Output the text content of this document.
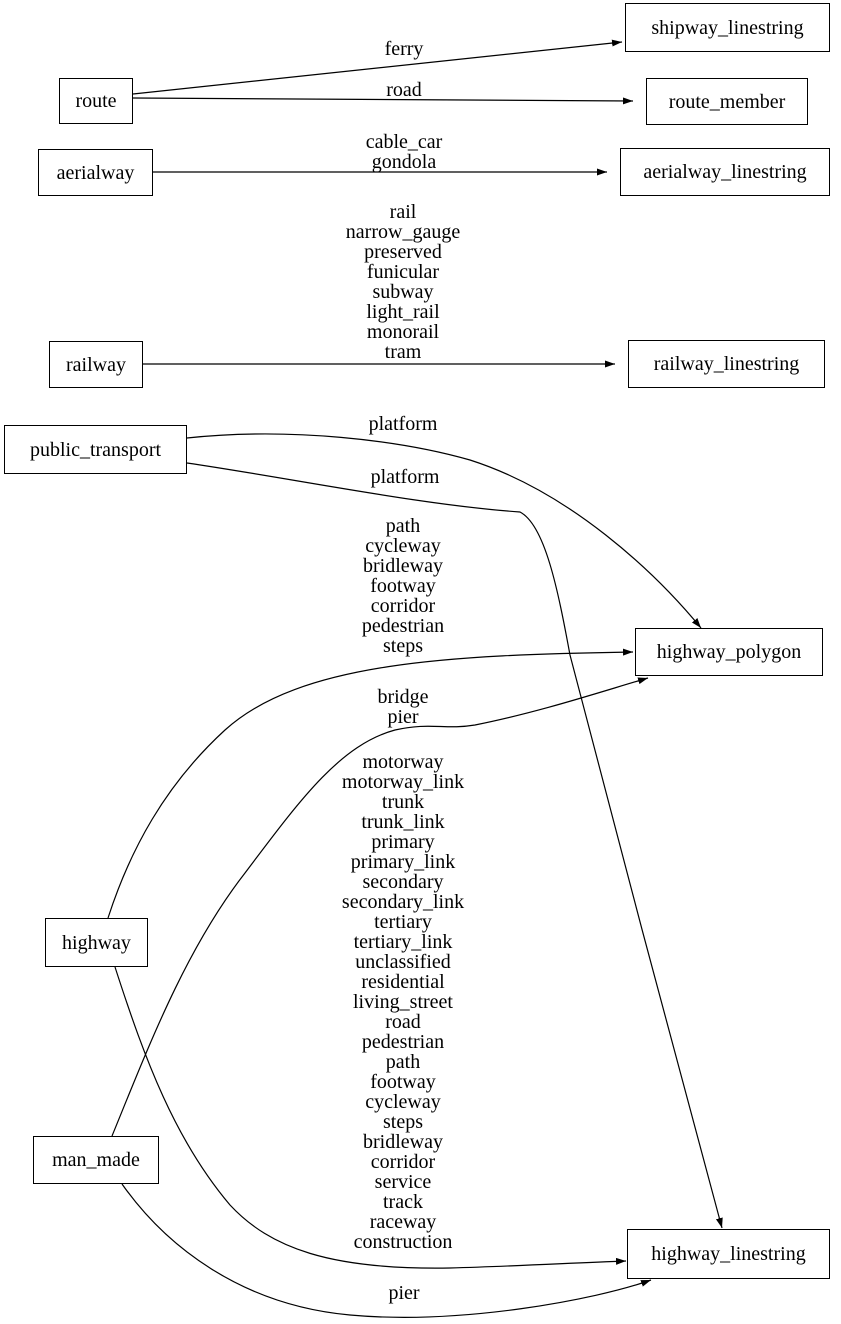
route
aerialway
railway
public_transport
highway
man_made
shipway_linestring
route_member
aerialway_linestring
railway_linestring
highway_polygon
highway_linestring
ferry
road
cable_car
gondola
rail
narrow_gauge
preserved
funicular
subway
light_rail
monorail
tram
platform
platform
path
cycleway
bridleway
footway
corridor
pedestrian
steps
bridge
pier
motorway
motorway_link
trunk
trunk_link
primary
primary_link
secondary
secondary_link
tertiary
tertiary_link
unclassified
residential
living_street
road
pedestrian
path
footway
cycleway
steps
bridleway
corridor
service
track
raceway
construction
pier
